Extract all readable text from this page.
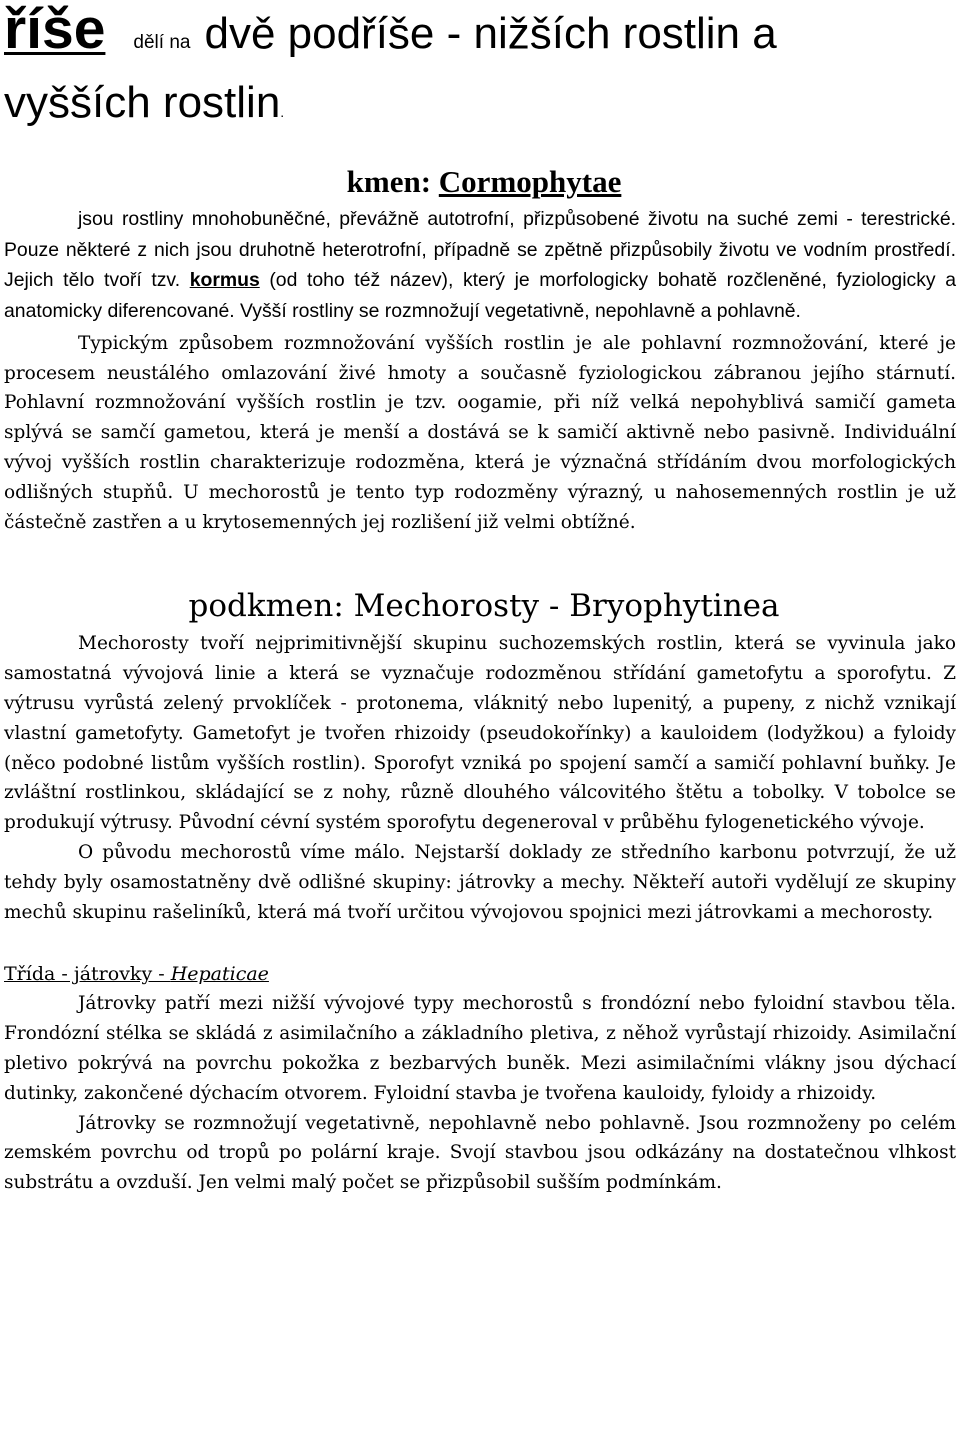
říše dělí na dvě podříše - nižších rostlin a
vyšších rostlin.
kmen: Cormophytae

jsou rostliny mnohobuněčné, převážně autotrofní, přizpůsobené životu na suché zemi - terestrické. Pouze některé z nich jsou druhotně heterotrofní, případně se zpětně přizpůsobily životu ve vodním prostředí. Jejich tělo tvoří tzv. kormus (od toho též název), který je morfologicky bohatě rozčleněné, fyziologicky a anatomicky diferencované. Vyšší rostliny se rozmnožují vegetativně, nepohlavně a pohlavně.

Typickým způsobem rozmnožování vyšších rostlin je ale pohlavní rozmnožování, které je procesem neustálého omlazování živé hmoty a současně fyziologickou zábranou jejího stárnutí. Pohlavní rozmnožování vyšších rostlin je tzv. oogamie, při níž velká nepohyblivá samičí gameta splývá se samčí gametou, která je menší a dostává se k samičí aktivně nebo pasivně. Individuální vývoj vyšších rostlin charakterizuje rodozměna, která je význačná střídáním dvou morfologických odlišných stupňů. U mechorostů je tento typ rodozměny výrazný, u nahosemenných rostlin je už částečně zastřen a u krytosemenných jej rozlišení již velmi obtížné.

podkmen: Mechorosty - Bryophytinea

Mechorosty tvoří nejprimitivnější skupinu suchozemských rostlin, která se vyvinula jako samostatná vývojová linie a která se vyznačuje rodozměnou střídání gametofytu a sporofytu. Z výtrusu vyrůstá zelený prvoklíček - protonema, vláknitý nebo lupenitý, a pupeny, z nichž vznikají vlastní gametofyty. Gametofyt je tvořen rhizoidy (pseudokořínky) a kauloidem (lodyžkou) a fyloidy (něco podobné listům vyšších rostlin). Sporofyt vzniká po spojení samčí a samičí pohlavní buňky. Je zvláštní rostlinkou, skládající se z nohy, různě dlouhého válcovitého štětu a tobolky. V tobolce se produkují výtrusy. Původní cévní systém sporofytu degeneroval v průběhu fylogenetického vývoje.

O původu mechorostů víme málo. Nejstarší doklady ze středního karbonu potvrzují, že už tehdy byly osamostatněny dvě odlišné skupiny: játrovky a mechy. Někteří autoři vydělují ze skupiny mechů skupinu rašeliníků, která má tvoří určitou vývojovou spojnici mezi játrovkami a mechorosty.

Třída - játrovky - Hepaticae

Játrovky patří mezi nižší vývojové typy mechorostů s frondózní nebo fyloidní stavbou těla. Frondózní stélka se skládá z asimilačního a základního pletiva, z něhož vyrůstají rhizoidy. Asimilační pletivo pokrývá na povrchu pokožka z bezbarvých buněk. Mezi asimilačními vlákny jsou dýchací dutinky, zakončené dýchacím otvorem. Fyloidní stavba je tvořena kauloidy, fyloidy a rhizoidy.

Játrovky se rozmnožují vegetativně, nepohlavně nebo pohlavně. Jsou rozmnoženy po celém zemském povrchu od tropů po polární kraje. Svojí stavbou jsou odkázány na dostatečnou vlhkost substrátu a ovzduší. Jen velmi malý počet se přizpůsobil sušším podmínkám.
